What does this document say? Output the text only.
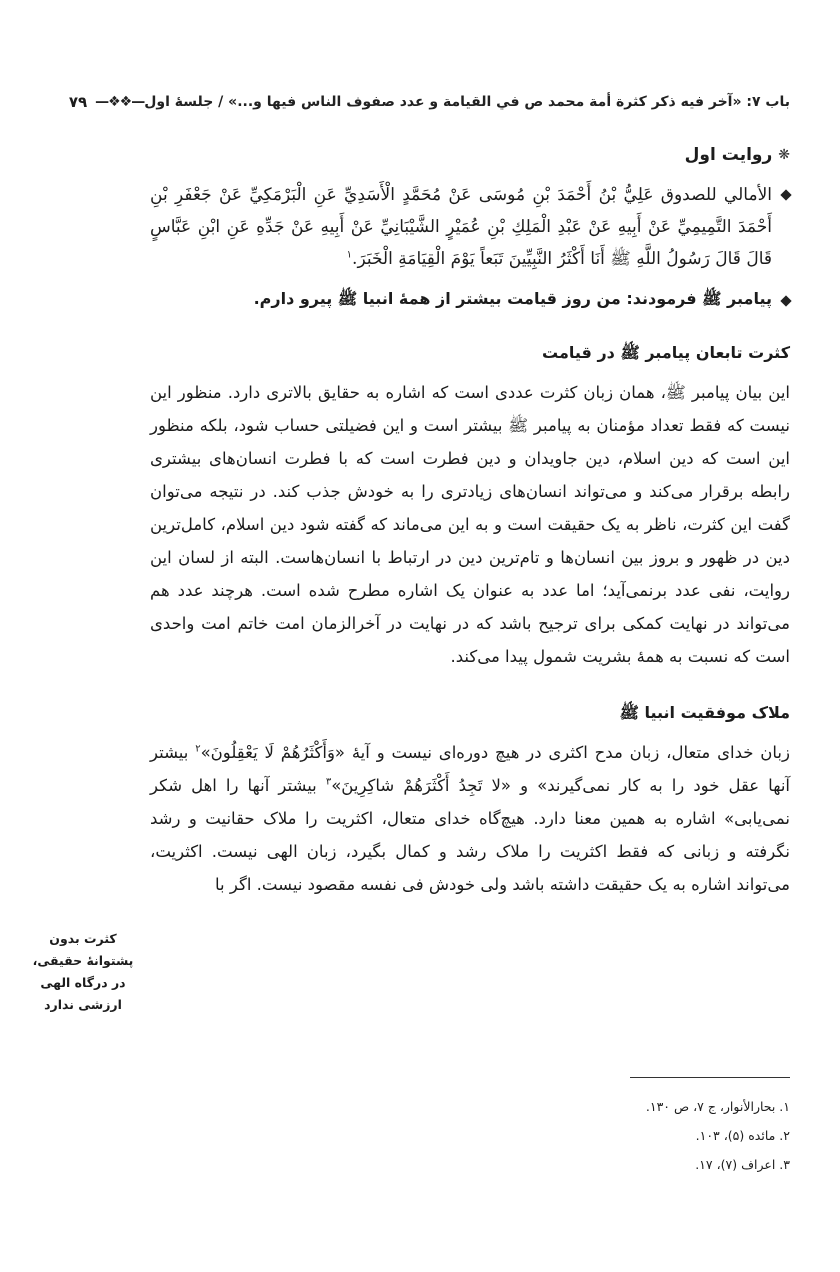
باب ۷: «آخر فيه ذكر كثرة أمة محمد ص في القيامة و عدد صفوف الناس فيها و...» / جلسهٔ اول
—❖❖—
۷۹
❋
روایت اول
الأمالي للصدوق عَلِيُّ بْنُ أَحْمَدَ بْنِ مُوسَى عَنْ مُحَمَّدٍ الْأَسَدِيِّ عَنِ الْبَرْمَكِيِّ عَنْ جَعْفَرِ بْنِ أَحْمَدَ التَّمِيمِيِّ عَنْ أَبِيهِ عَنْ عَبْدِ الْمَلِكِ بْنِ عُمَيْرٍ الشَّيْبَانِيِّ عَنْ أَبِيهِ عَنْ جَدِّهِ عَنِ ابْنِ عَبَّاسٍ قَالَ قَالَ رَسُولُ اللَّهِ ﷺ أَنَا أَكْثَرُ النَّبِيِّينَ تَبَعاً يَوْمَ الْقِيَامَةِ الْخَبَرَ.$^۱$
پیامبر ﷺ فرمودند: من روز قیامت بیشتر از همهٔ انبیا ﷺ پیرو دارم.
کثرت تابعان پیامبر ﷺ در قیامت

این بیان پیامبر ﷺ، همان زبان کثرت عددی است که اشاره به حقایق بالاتری دارد. منظور این نیست که فقط تعداد مؤمنان به پیامبر ﷺ بیشتر است و این فضیلتی حساب شود، بلکه منظور این است که دین اسلام، دین جاویدان و دین فطرت است که با فطرت انسان‌های بیشتری رابطه برقرار می‌کند و می‌تواند انسان‌های زیادتری را به خودش جذب کند. در نتیجه می‌توان گفت این کثرت، ناظر به یک حقیقت است و به این می‌ماند که گفته شود دین اسلام، کامل‌ترین دین در ظهور و بروز بین انسان‌ها و تام‌ترین دین در ارتباط با انسان‌هاست. البته از لسان این روایت، نفی عدد برنمی‌آید؛ اما عدد به عنوان یک اشاره مطرح شده است. هرچند عدد هم می‌تواند در نهایت کمکی برای ترجیح باشد که در نهایت در آخرالزمان امت خاتم امت واحدی است که نسبت به همهٔ بشریت شمول پیدا می‌کند.

ملاک موفقیت انبیا ﷺ

زبان خدای متعال، زبان مدح اکثری در هیچ دوره‌ای نیست و آیهٔ «وَأَكْثَرُهُمْ لَا يَعْقِلُونَ»$^۲$ بیشتر آنها عقل خود را به کار نمی‌گیرند» و «لا تَجِدُ أَكْثَرَهُمْ شاكِرِينَ»$^۳$ بیشتر آنها را اهل شکر نمی‌یابی» اشاره به همین معنا دارد. هیچ‌گاه خدای متعال، اکثریت را ملاک حقانیت و رشد نگرفته و زبانی که فقط اکثریت را ملاک رشد و کمال بگیرد، زبان الهی نیست. اکثریت، می‌تواند اشاره به یک حقیقت داشته باشد ولی خودش فی نفسه مقصود نیست. اگر با

کثرت بدون پشتوانهٔ حقیقی، در درگاه الهی ارزشی ندارد
۱. بحارالأنوار، ج ۷، ص ۱۳۰.
۲. مائده (۵)، ۱۰۳.
۳. اعراف (۷)، ۱۷.
